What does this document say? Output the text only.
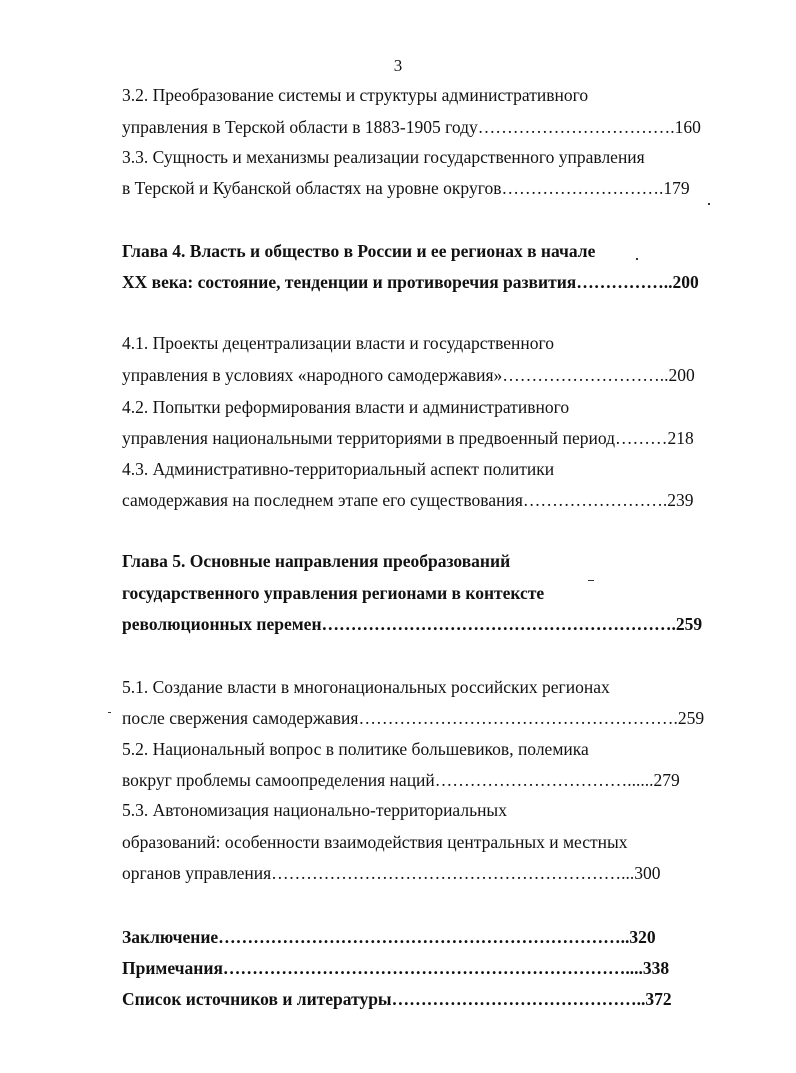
3
3.2. Преобразование системы и структуры административного
управления в Терской области в 1883-1905 году…………………………….160
3.3. Сущность и механизмы реализации государственного управления
в Терской и Кубанской областях на уровне округов……………………….179
Глава 4. Власть и общество в России и ее регионах в начале
XX века: состояние, тенденции и противоречия развития……………..200
4.1. Проекты децентрализации власти и государственного
управления в условиях «народного самодержавия»………………………..200
4.2. Попытки реформирования власти и административного
управления национальными территориями в предвоенный период………218
4.3. Административно-территориальный аспект политики
самодержавия на последнем этапе его существования…………………….239
Глава 5. Основные направления преобразований
государственного управления регионами в контексте
революционных перемен…………………………………………………….259
5.1. Создание власти в многонациональных российских регионах
после свержения самодержавия……………………………………………….259
5.2. Национальный вопрос в политике большевиков, полемика
вокруг проблемы самоопределения наций……………………………......279
5.3. Автономизация национально-территориальных
образований: особенности взаимодействия центральных и местных
органов управления……………………………………………………...300
Заключение……………………………………………………………..320
Примечания……………………………………………………………....338
Список источников и литературы……………………………………..372
